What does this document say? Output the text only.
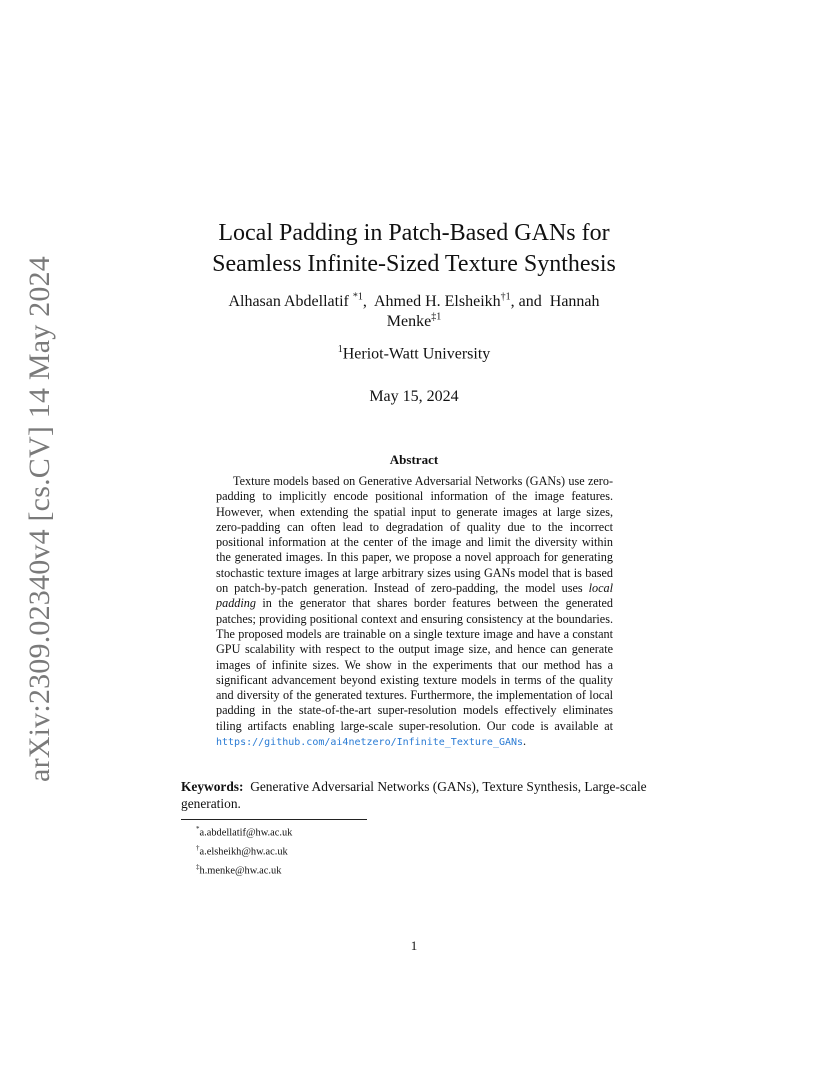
arXiv:2309.02340v4 [cs.CV] 14 May 2024
Local Padding in Patch-Based GANs for
Seamless Infinite-Sized Texture Synthesis
Alhasan Abdellatif $^{*1}$,  Ahmed H. Elsheikh$^{\dagger 1}$, and Hannah
Menke$^{\ddagger 1}$
$^1$Heriot-Watt University
May 15, 2024
Abstract

Texture models based on Generative Adversarial Networks (GANs) use zero-padding to implicitly encode positional information of the image features. However, when extending the spatial input to generate images at large sizes, zero-padding can often lead to degradation of quality due to the incorrect positional information at the center of the image and limit the diversity within the generated images. In this paper, we propose a novel approach for generating stochastic texture images at large arbitrary sizes using GANs model that is based on patch-by-patch generation. Instead of zero-padding, the model uses local padding in the generator that shares border features between the generated patches; providing positional context and ensuring consistency at the boundaries. The proposed models are trainable on a single texture image and have a constant GPU scalability with respect to the output image size, and hence can generate images of infinite sizes. We show in the experiments that our method has a significant advancement beyond existing texture models in terms of the quality and diversity of the generated textures. Furthermore, the implementation of local padding in the state-of-the-art super-resolution models effectively eliminates tiling artifacts enabling large-scale super-resolution. Our code is available at https://github.com/ai4netzero/Infinite_Texture_GANs.

Keywords: Generative Adversarial Networks (GANs), Texture Synthesis, Large-scale generation.

*a.abdellatif@hw.ac.uk
†a.elsheikh@hw.ac.uk
‡h.menke@hw.ac.uk
1
